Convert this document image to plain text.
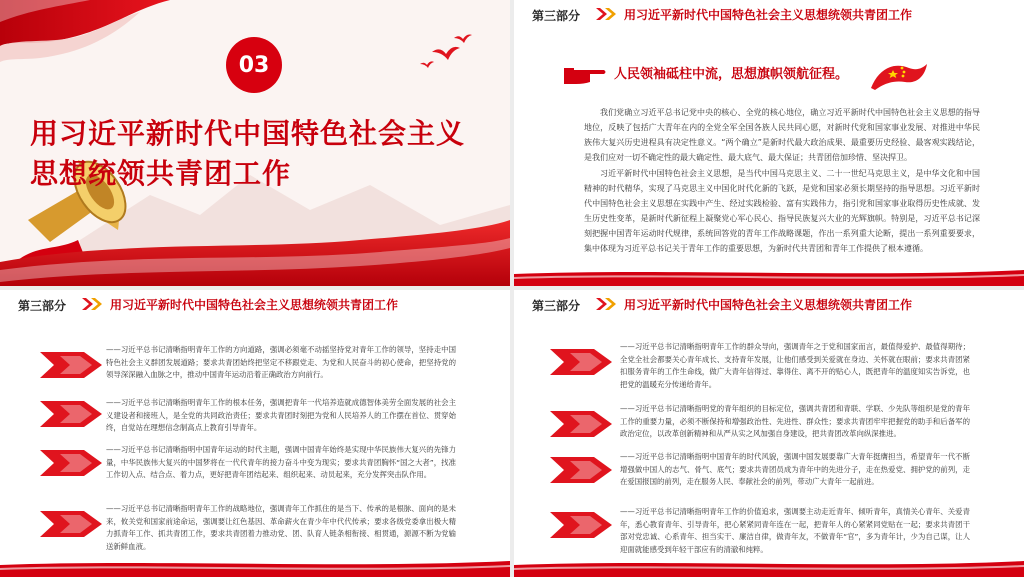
03
用习近平新时代中国特色社会主义思想统领共青团工作
第三部分	用习近平新时代中国特色社会主义思想统领共青团工作
人民领袖砥柱中流，思想旗帜领航征程。
我们党确立习近平总书记党中央的核心、全党的核心地位，确立习近平新时代中国特色社会主义思想的指导地位，反映了包括广大青年在内的全党全军全国各族人民共同心愿，对新时代党和国家事业发展、对推进中华民族伟大复兴历史进程具有决定性意义。“两个确立”是新时代最大政治成果、最重要历史经验、最客观实践结论，是我们应对一切不确定性的最大确定性、最大底气、最大保证；共青团倍加珍惜、坚决捍卫。
习近平新时代中国特色社会主义思想，是当代中国马克思主义、二十一世纪马克思主义，是中华文化和中国精神的时代精华，实现了马克思主义中国化时代化新的飞跃，是党和国家必须长期坚持的指导思想。习近平新时代中国特色社会主义思想在实践中产生、经过实践检验、富有实践伟力，指引党和国家事业取得历史性成就、发生历史性变革，是新时代新征程上凝聚党心军心民心、指导民族复兴大业的光辉旗帜。特别是，习近平总书记深刻把握中国青年运动时代规律，系统回答党的青年工作战略课题，作出一系列重大论断，提出一系列重要要求，集中体现为习近平总书记关于青年工作的重要思想，为新时代共青团和青年工作提供了根本遵循。
第三部分	用习近平新时代中国特色社会主义思想统领共青团工作
——习近平总书记清晰指明青年工作的方向道路，强调必须毫不动摇坚持党对青年工作的领导，坚持走中国特色社会主义群团发展道路；要求共青团始终把坚定不移跟党走、为党和人民奋斗的初心使命，把坚持党的领导深深融入血脉之中，推动中国青年运动沿着正确政治方向前行。
——习近平总书记清晰指明青年工作的根本任务，强调把青年一代培养造就成德智体美劳全面发展的社会主义建设者和接班人，是全党的共同政治责任；要求共青团时刻把为党和人民培养人的工作摆在首位、贯穿始终，自觉站在理想信念制高点上教育引导青年。
——习近平总书记清晰指明中国青年运动的时代主题，强调中国青年始终是实现中华民族伟大复兴的先锋力量，中华民族伟大复兴的中国梦将在一代代青年的接力奋斗中变为现实；要求共青团胸怀“国之大者”，找准工作切入点、结合点、着力点，更好把青年团结起来、组织起来、动员起来，充分发挥突击队作用。
——习近平总书记清晰指明青年工作的战略地位，强调青年工作抓住的是当下、传承的是根脉、面向的是未来，攸关党和国家前途命运，强调要让红色基因、革命薪火在青少年中代代传承；要求各级党委拿出极大精力抓青年工作、抓共青团工作，要求共青团着力推动党、团、队育人链条相衔接、相贯通，源源不断为党输送新鲜血液。
第三部分	用习近平新时代中国特色社会主义思想统领共青团工作
——习近平总书记清晰指明青年工作的群众导向，强调青年之于党和国家而言，最值得爱护、最值得期待；全党全社会都要关心青年成长、支持青年发展，让他们感受到关爱就在身边、关怀就在眼前；要求共青团紧扣服务青年的工作生命线，做广大青年信得过、靠得住、离不开的贴心人，既把青年的温度知实告诉党，也把党的温暖充分传递给青年。
——习近平总书记清晰指明党的青年组织的目标定位，强调共青团和青联、学联、少先队等组织是党的青年工作的重要力量，必须不断保持和增强政治性、先进性、群众性；要求共青团牢牢把握党的助手和后备军的政治定位，以改革创新精神和从严从实之风加强自身建设，把共青团改革向纵深推进。
——习近平总书记清晰指明中国青年的时代风貌，强调中国发展要靠广大青年挺膺担当，希望青年一代不断增强做中国人的志气、骨气、底气；要求共青团员成为青年中的先进分子，走在热爱党、拥护党的前列，走在爱国报国的前列，走在服务人民、奉献社会的前列，带动广大青年一起前进。
——习近平总书记清晰指明青年工作的价值追求，强调要主动走近青年、倾听青年，真情关心青年、关爱青年，悉心教育青年、引导青年，把心紧紧同青年连在一起，把青年人的心紧紧同党贴在一起；要求共青团干部对党忠诚、心系青年、担当实干、廉洁自律，做青年友，不做青年“官”，多为青年计，少为自己谋，让人迎面就能感受到年轻干部应有的清澈和纯粹。
